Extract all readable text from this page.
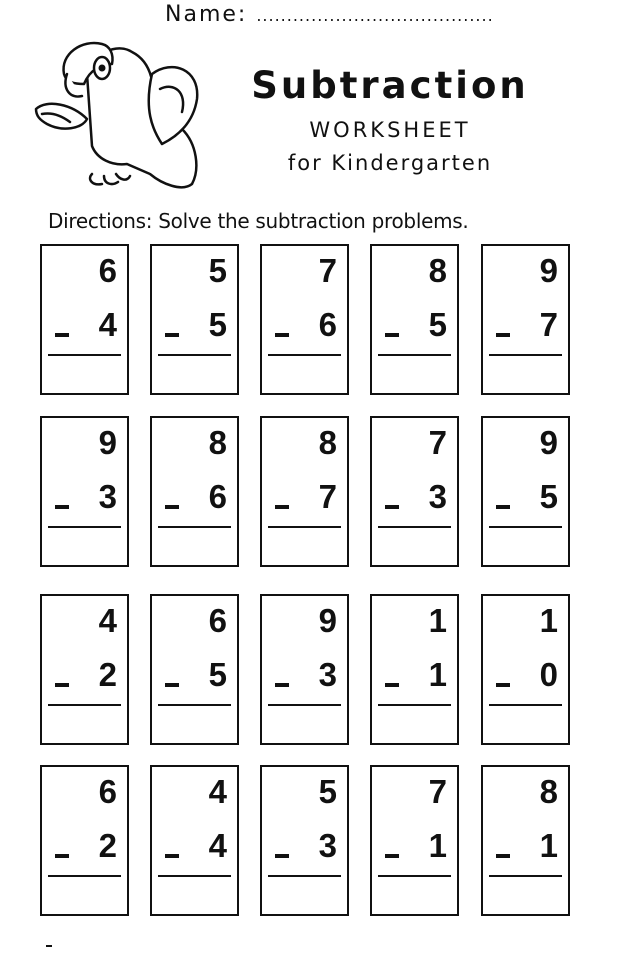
Name: .......................................
Subtraction
WORKSHEET
for Kindergarten
Directions: Solve the subtraction problems.
6
4
5
5
7
6
8
5
9
7
9
3
8
6
8
7
7
3
9
5
4
2
6
5
9
3
1
1
1
0
6
2
4
4
5
3
7
1
8
1
